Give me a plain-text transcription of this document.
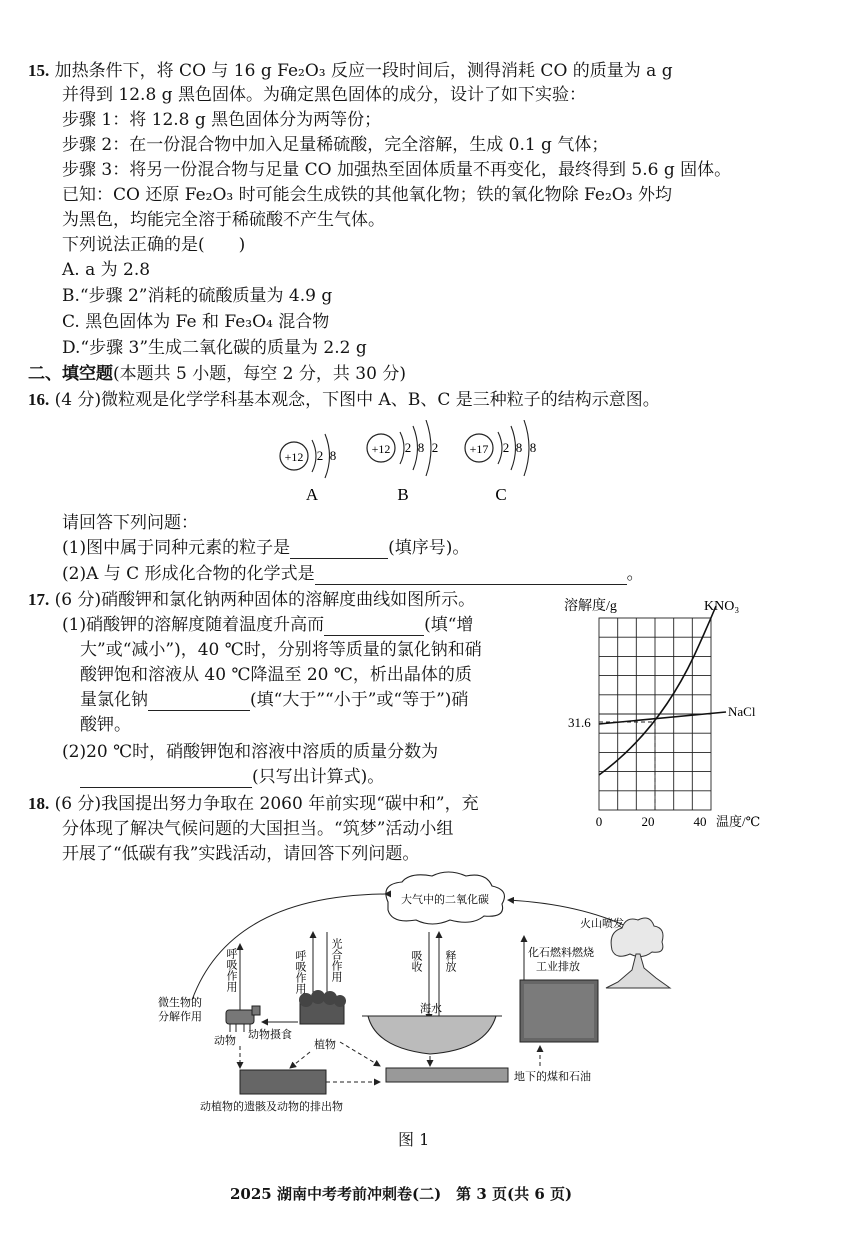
15. 加热条件下，将 CO 与 16 g Fe₂O₃ 反应一段时间后，测得消耗 CO 的质量为 a g
并得到 12.8 g 黑色固体。为确定黑色固体的成分，设计了如下实验：
步骤 1：将 12.8 g 黑色固体分为两等份；
步骤 2：在一份混合物中加入足量稀硫酸，完全溶解，生成 0.1 g 气体；
步骤 3：将另一份混合物与足量 CO 加强热至固体质量不再变化，最终得到 5.6 g 固体。
已知：CO 还原 Fe₂O₃ 时可能会生成铁的其他氧化物；铁的氧化物除 Fe₂O₃ 外均
为黑色，均能完全溶于稀硫酸不产生气体。
下列说法正确的是(　　)
A. a 为 2.8
B.“步骤 2”消耗的硫酸质量为 4.9 g
C. 黑色固体为 Fe 和 Fe₃O₄ 混合物
D.“步骤 3”生成二氧化碳的质量为 2.2 g
二、填空题(本题共 5 小题，每空 2 分，共 30 分)
16. (4 分)微粒观是化学学科基本观念，下图中 A、B、C 是三种粒子的结构示意图。
+12 2 8
A
+12 2 8 2
B
+17 2 8 8
C
请回答下列问题：
(1)图中属于同种元素的粒子是	(填序号)。
(2)A 与 C 形成化合物的化学式是	。
17. (6 分)硝酸钾和氯化钠两种固体的溶解度曲线如图所示。
(1)硝酸钾的溶解度随着温度升高而	(填“增
大”或“减小”)，40 ℃时，分别将等质量的氯化钠和硝
酸钾饱和溶液从 40 ℃降温至 20 ℃，析出晶体的质
量氯化钠	(填“大于”“小于”或“等于”)硝
酸钾。
(2)20 ℃时，硝酸钾饱和溶液中溶质的质量分数为
(只写出计算式)。
溶解度/g	KNO₃
NaCl
31.6
0	20	40 温度/℃
18. (6 分)我国提出努力争取在 2060 年前实现“碳中和”，充
分体现了解决气候问题的大国担当。“筑梦”活动小组
开展了“低碳有我”实践活动，请回答下列问题。
大气中的二氧化碳
火山喷发
呼吸作用	呼吸作用 光合作用	吸收 释放	化石燃料燃烧
工业排放
微生物的
分解作用
动物 动物摄食
植物
海水
动植物的遗骸及动物的排出物
地下的煤和石油
图 1
2025 湖南中考考前冲刺卷(二)　第 3 页(共 6 页)
